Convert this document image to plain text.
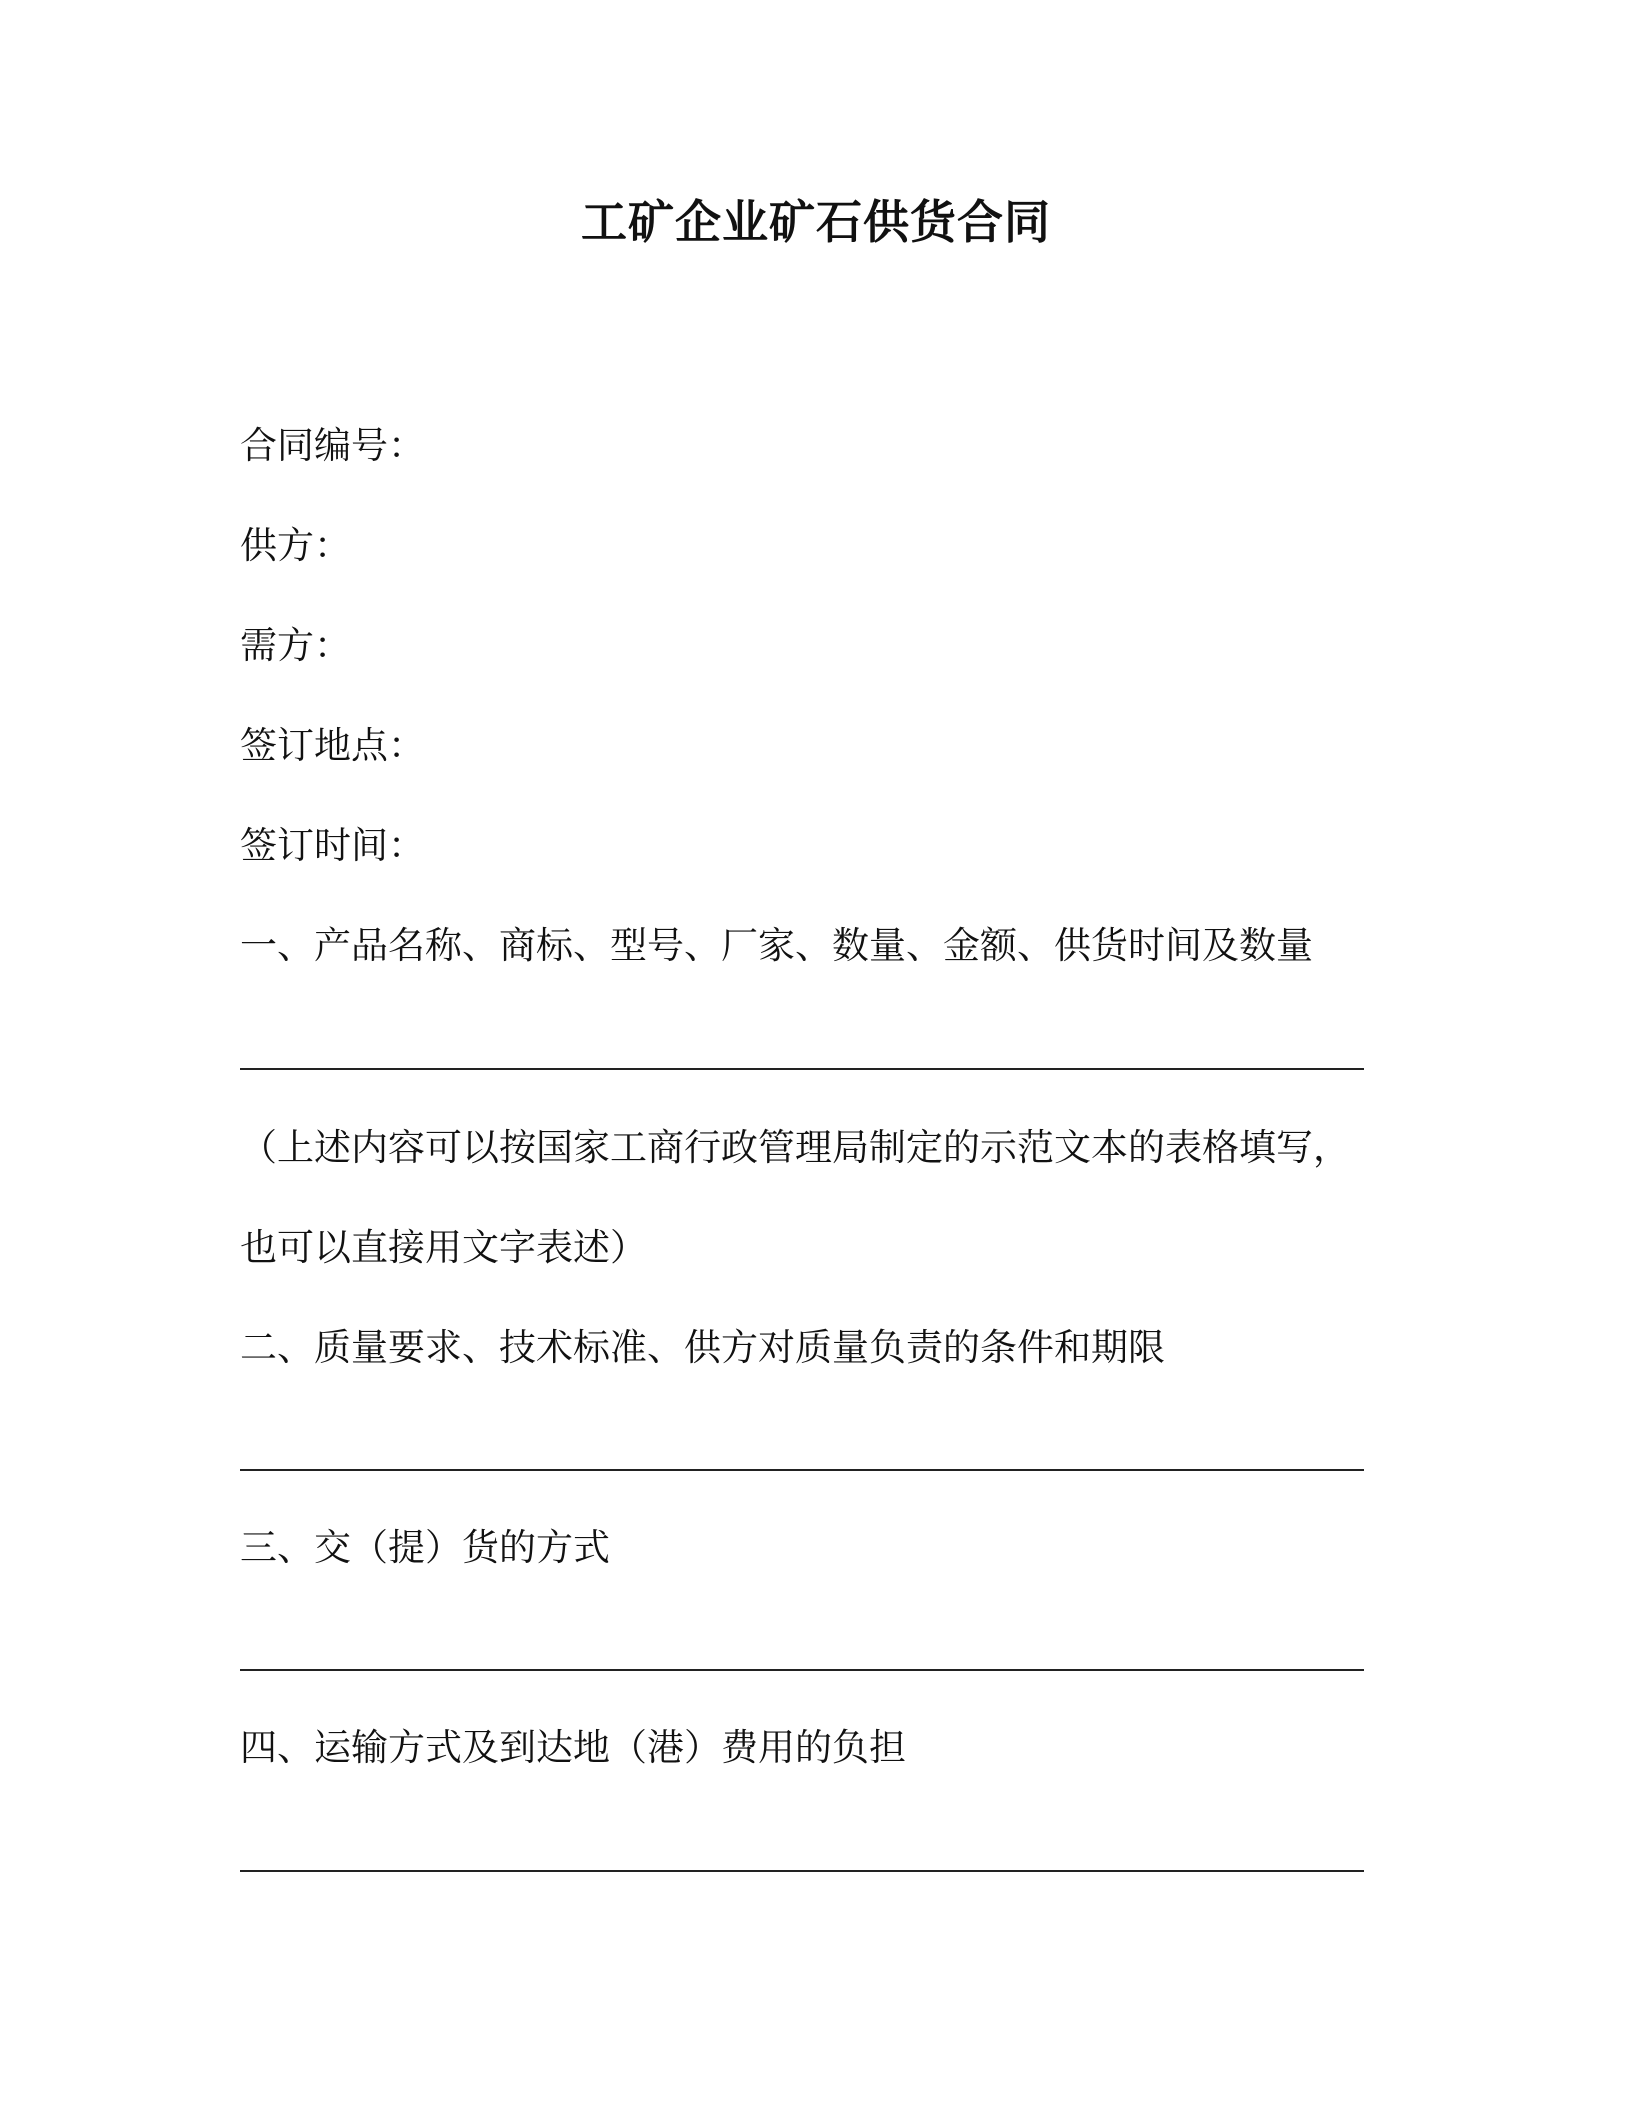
工矿企业矿石供货合同
合同编号：
供方：
需方：
签订地点：
签订时间：
一、产品名称、商标、型号、厂家、数量、金额、供货时间及数量
（上述内容可以按国家工商行政管理局制定的示范文本的表格填写，
也可以直接用文字表述）
二、质量要求、技术标准、供方对质量负责的条件和期限
三、交（提）货的方式
四、运输方式及到达地（港）费用的负担
